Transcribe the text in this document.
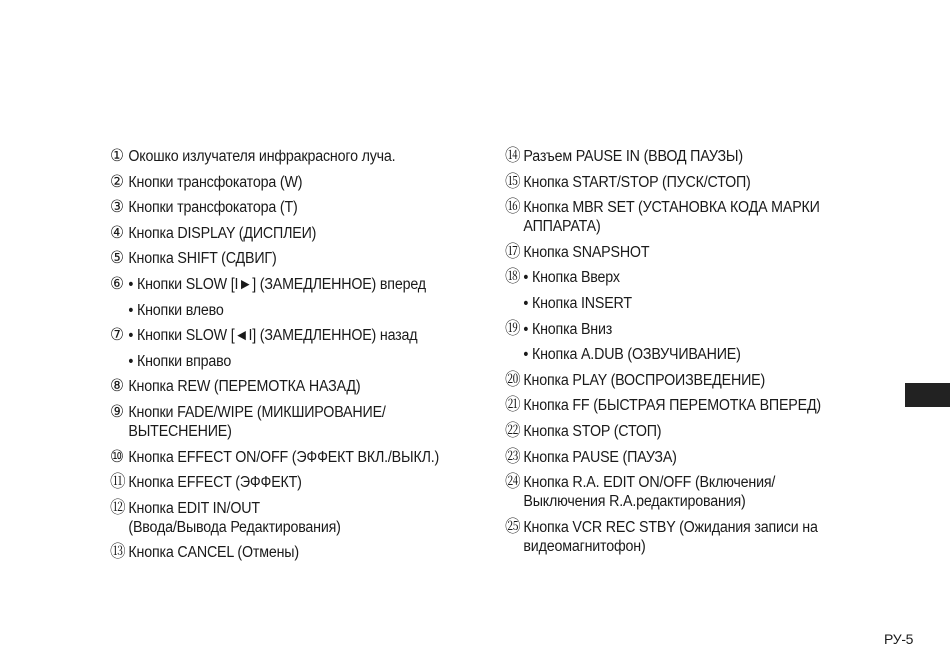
① Окошко излучателя инфракрасного луча.
② Кнопки трансфокатора (W)
③ Кнопки трансфокатора (T)
④ Кнопка DISPLAY (ДИСПЛЕИ)
⑤ Кнопка SHIFT (СДВИГ)
⑥ • Кнопки SLOW [I►] (ЗАМЕДЛЕННОЕ) вперед
• Кнопки влево
⑦ • Кнопки SLOW [◄I] (ЗАМЕДЛЕННОЕ) назад
• Кнопки вправо
⑧ Кнопка REW (ПЕРЕМОТКА НАЗАД)
⑨ Кнопки FADE/WIPE (МИКШИРОВАНИЕ/
ВЫТЕСНЕНИЕ)
⑩ Кнопка EFFECT ON/OFF (ЭФФЕКТ ВКЛ./ВЫКЛ.)
⑪ Кнопка EFFECT (ЭФФЕКТ)
⑫ Кнопка EDIT IN/OUT
(Ввода/Вывода Редактирования)
⑬ Кнопка CANCEL (Отмены)
⑭ Разъем PAUSE IN (ВВОД ПАУЗЫ)
⑮ Кнопка START/STOP (ПУСК/СТОП)
⑯ Кнопка MBR SET (УСТАНОВКА КОДА МАРКИ
АППАРАТА)
⑰ Кнопка SNAPSHOT
⑱ • Кнопка Вверх
• Кнопка INSERT
⑲ • Кнопка Вниз
• Кнопка A.DUB (ОЗВУЧИВАНИЕ)
⑳ Кнопка PLAY (ВОСПРОИЗВЕДЕНИЕ)
㉑ Кнопка FF (БЫСТРАЯ ПЕРЕМОТКА ВПЕРЕД)
㉒ Кнопка STOP (СТОП)
㉓ Кнопка PAUSE (ПАУЗА)
㉔ Кнопка R.A. EDIT ON/OFF (Включения/
Выключения R.A.редактирования)
㉕ Кнопка VCR REC STBY (Ожидания записи на
видеомагнитофон)
РУ-5
